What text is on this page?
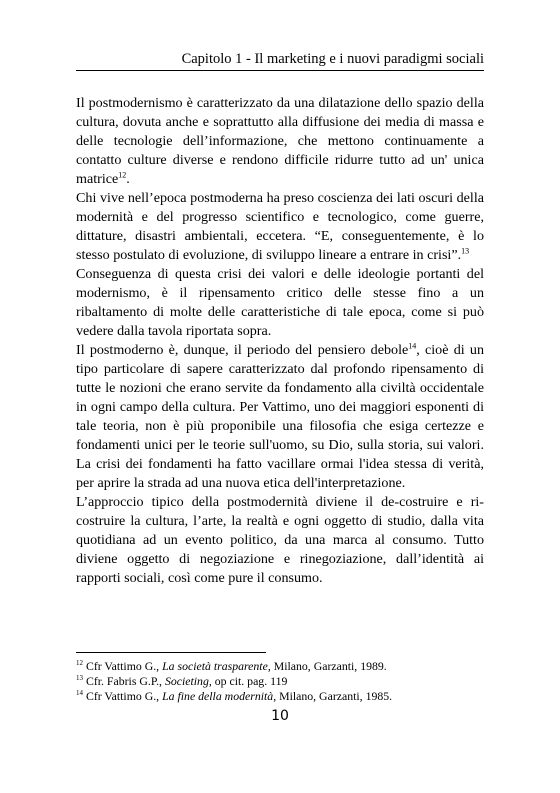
Capitolo 1 - Il marketing e i nuovi paradigmi sociali

Il postmodernismo è caratterizzato da una dilatazione dello spazio della cultura, dovuta anche e soprattutto alla diffusione dei media di massa e delle tecnologie dell’informazione, che mettono continuamente a contatto culture diverse e rendono difficile ridurre tutto ad un' unica matrice$^{12}$.

Chi vive nell’epoca postmoderna ha preso coscienza dei lati oscuri della modernità e del progresso scientifico e tecnologico, come guerre, dittature, disastri ambientali, eccetera. “E, conseguentemente, è lo stesso postulato di evoluzione, di sviluppo lineare a entrare in crisi”.$^{13}$

Conseguenza di questa crisi dei valori e delle ideologie portanti del modernismo, è il ripensamento critico delle stesse fino a un ribaltamento di molte delle caratteristiche di tale epoca, come si può vedere dalla tavola riportata sopra.

Il postmoderno è, dunque, il periodo del pensiero debole$^{14}$, cioè di un tipo particolare di sapere caratterizzato dal profondo ripensamento di tutte le nozioni che erano servite da fondamento alla civiltà occidentale in ogni campo della cultura. Per Vattimo, uno dei maggiori esponenti di tale teoria, non è più proponibile una filosofia che esiga certezze e fondamenti unici per le teorie sull'uomo, su Dio, sulla storia, sui valori. La crisi dei fondamenti ha fatto vacillare ormai l'idea stessa di verità, per aprire la strada ad una nuova etica dell'interpretazione.

L’approccio tipico della postmodernità diviene il de-costruire e ri-costruire la cultura, l’arte, la realtà e ogni oggetto di studio, dalla vita quotidiana ad un evento politico, da una marca al consumo. Tutto diviene oggetto di negoziazione e rinegoziazione, dall’identità ai rapporti sociali, così come pure il consumo.

$^{12}$ Cfr Vattimo G., La società trasparente, Milano, Garzanti, 1989.
$^{13}$ Cfr. Fabris G.P., Societing, op cit. pag. 119
$^{14}$ Cfr Vattimo G., La fine della modernità, Milano, Garzanti, 1985.
10
